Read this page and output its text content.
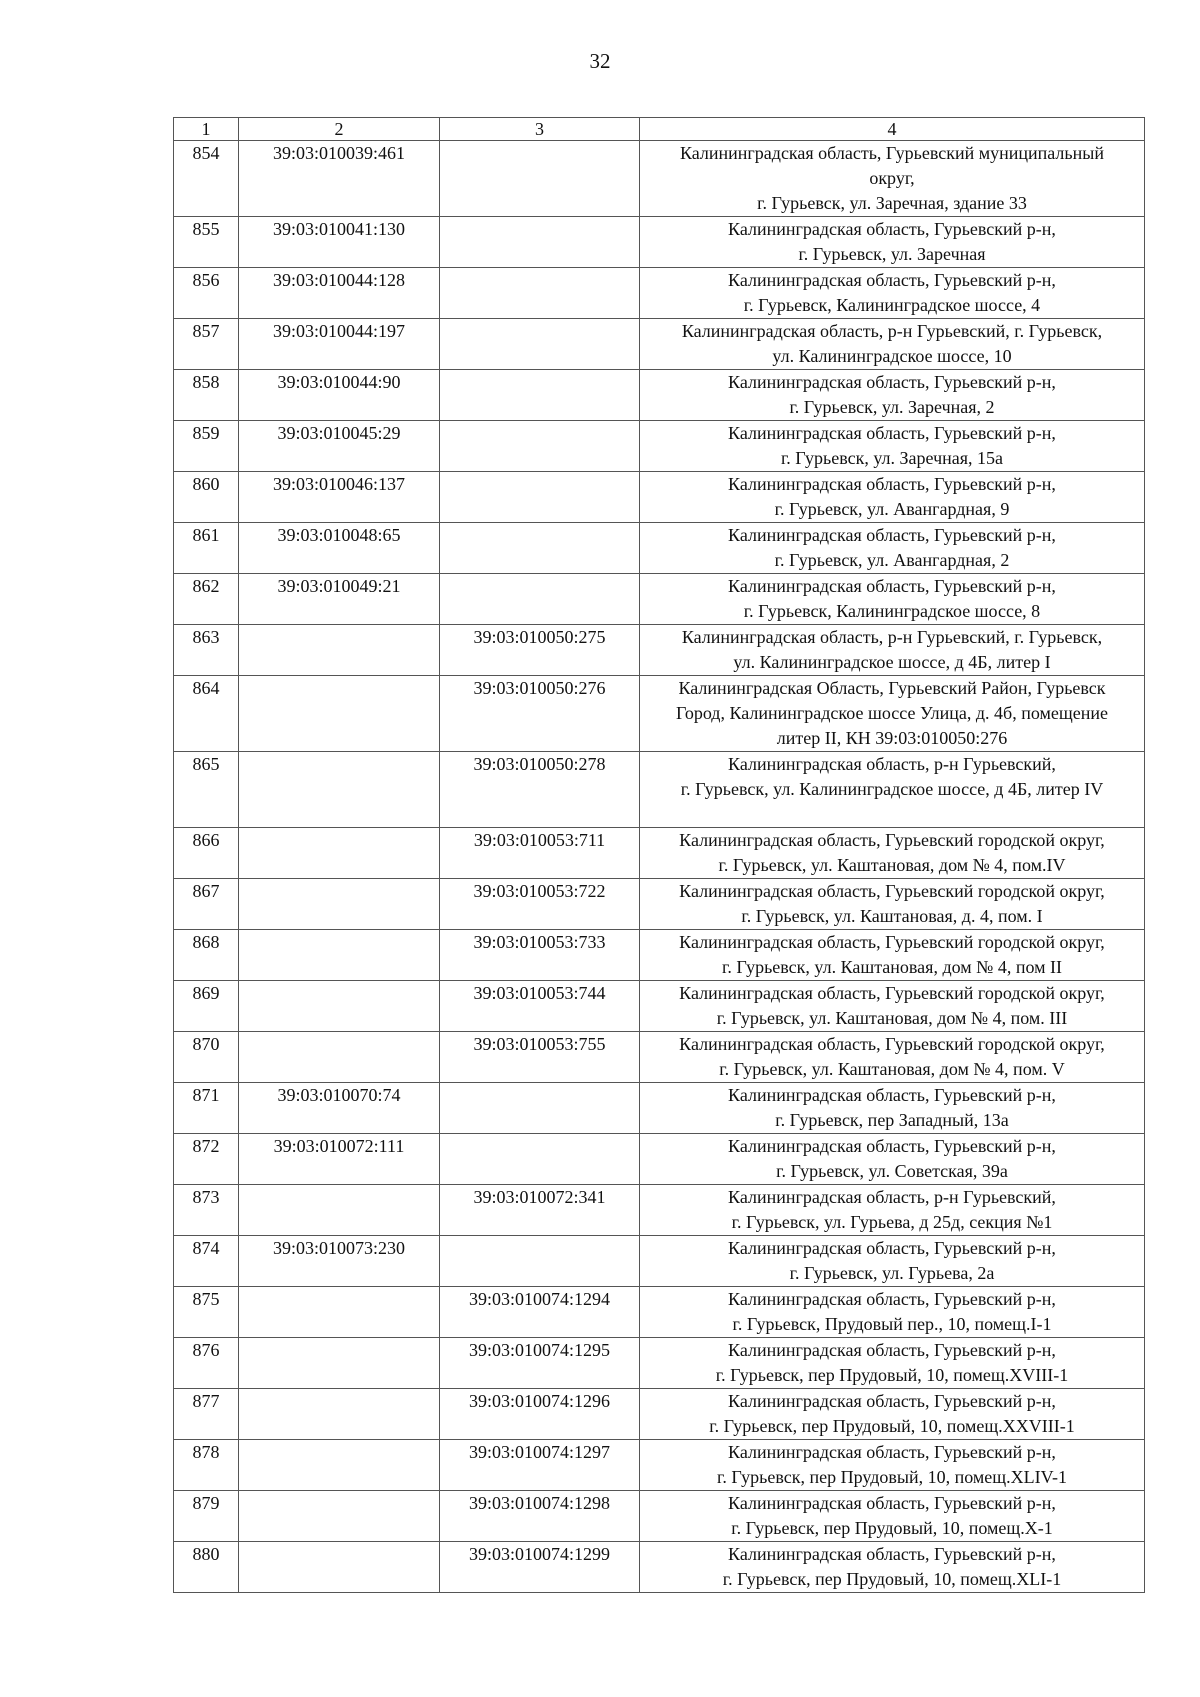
32
1	2	3	4
854	39:03:010039:461		Калининградская область, Гурьевский муниципальный
округ,
г. Гурьевск, ул. Заречная, здание 33

855	39:03:010041:130		Калининградская область, Гурьевский р-н,
г. Гурьевск, ул. Заречная

856	39:03:010044:128		Калининградская область, Гурьевский р-н,
г. Гурьевск, Калининградское шоссе, 4

857	39:03:010044:197		Калининградская область, р-н Гурьевский, г. Гурьевск,
ул. Калининградское шоссе, 10

858	39:03:010044:90		Калининградская область, Гурьевский р-н,
г. Гурьевск, ул. Заречная, 2

859	39:03:010045:29		Калининградская область, Гурьевский р-н,
г. Гурьевск, ул. Заречная, 15а

860	39:03:010046:137		Калининградская область, Гурьевский р-н,
г. Гурьевск, ул. Авангардная, 9

861	39:03:010048:65		Калининградская область, Гурьевский р-н,
г. Гурьевск, ул. Авангардная, 2

862	39:03:010049:21		Калининградская область, Гурьевский р-н,
г. Гурьевск, Калининградское шоссе, 8

863		39:03:010050:275	Калининградская область, р-н Гурьевский, г. Гурьевск,
ул. Калининградское шоссе, д 4Б, литер I

864		39:03:010050:276	Калининградская Область, Гурьевский Район, Гурьевск
Город, Калининградское шоссе Улица, д. 4б, помещение
литер II, КН 39:03:010050:276

865		39:03:010050:278	Калининградская область, р-н Гурьевский,
г. Гурьевск, ул. Калининградское шоссе, д 4Б, литер IV

866		39:03:010053:711	Калининградская область, Гурьевский городской округ,
г. Гурьевск, ул. Каштановая, дом № 4, пом.IV

867		39:03:010053:722	Калининградская область, Гурьевский городской округ,
г. Гурьевск, ул. Каштановая, д. 4, пом. I

868		39:03:010053:733	Калининградская область, Гурьевский городской округ,
г. Гурьевск, ул. Каштановая, дом № 4, пом II

869		39:03:010053:744	Калининградская область, Гурьевский городской округ,
г. Гурьевск, ул. Каштановая, дом № 4, пом. III

870		39:03:010053:755	Калининградская область, Гурьевский городской округ,
г. Гурьевск, ул. Каштановая, дом № 4, пом. V

871	39:03:010070:74		Калининградская область, Гурьевский р-н,
г. Гурьевск, пер Западный, 13а

872	39:03:010072:111		Калининградская область, Гурьевский р-н,
г. Гурьевск, ул. Советская, 39а

873		39:03:010072:341	Калининградская область, р-н Гурьевский,
г. Гурьевск, ул. Гурьева, д 25д, секция №1

874	39:03:010073:230		Калининградская область, Гурьевский р-н,
г. Гурьевск, ул. Гурьева, 2а

875		39:03:010074:1294	Калининградская область, Гурьевский р-н,
г. Гурьевск, Прудовый пер., 10, помещ.I-1

876		39:03:010074:1295	Калининградская область, Гурьевский р-н,
г. Гурьевск, пер Прудовый, 10, помещ.XVIII-1

877		39:03:010074:1296	Калининградская область, Гурьевский р-н,
г. Гурьевск, пер Прудовый, 10, помещ.XXVIII-1

878		39:03:010074:1297	Калининградская область, Гурьевский р-н,
г. Гурьевск, пер Прудовый, 10, помещ.XLIV-1

879		39:03:010074:1298	Калининградская область, Гурьевский р-н,
г. Гурьевск, пер Прудовый, 10, помещ.X-1

880		39:03:010074:1299	Калининградская область, Гурьевский р-н,
г. Гурьевск, пер Прудовый, 10, помещ.XLI-1
